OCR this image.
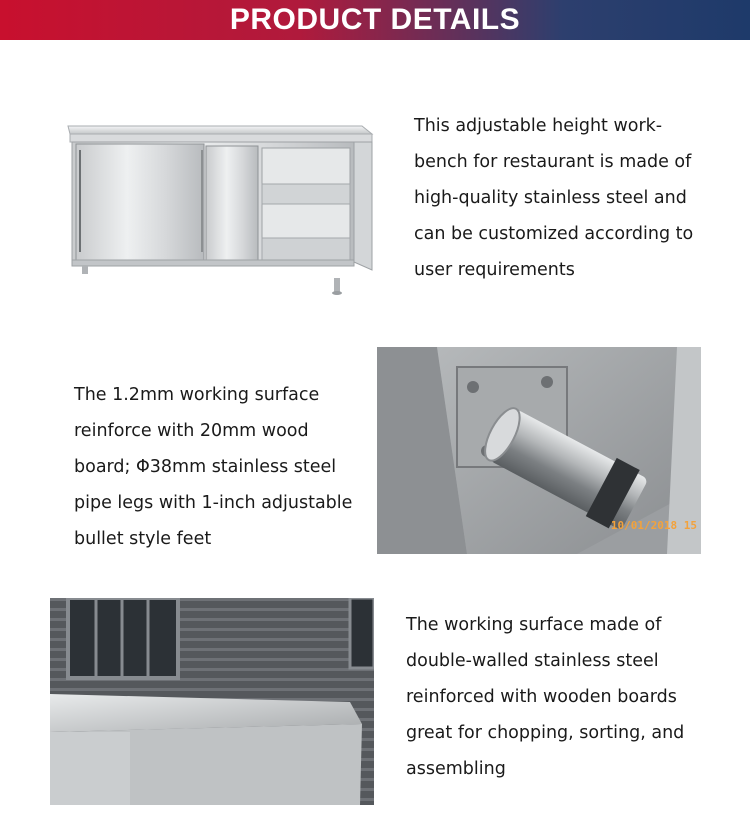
PRODUCT DETAILS
This adjustable height work-
bench for restaurant is made of
high-quality stainless steel and
can be customized according to
user requirements
The 1.2mm working surface
reinforce with 20mm wood
board; Φ38mm stainless steel
pipe legs with 1-inch adjustable
bullet style feet
10/01/2018 15
The working surface made of
double-walled stainless steel
reinforced with wooden boards
great for chopping, sorting, and
assembling
